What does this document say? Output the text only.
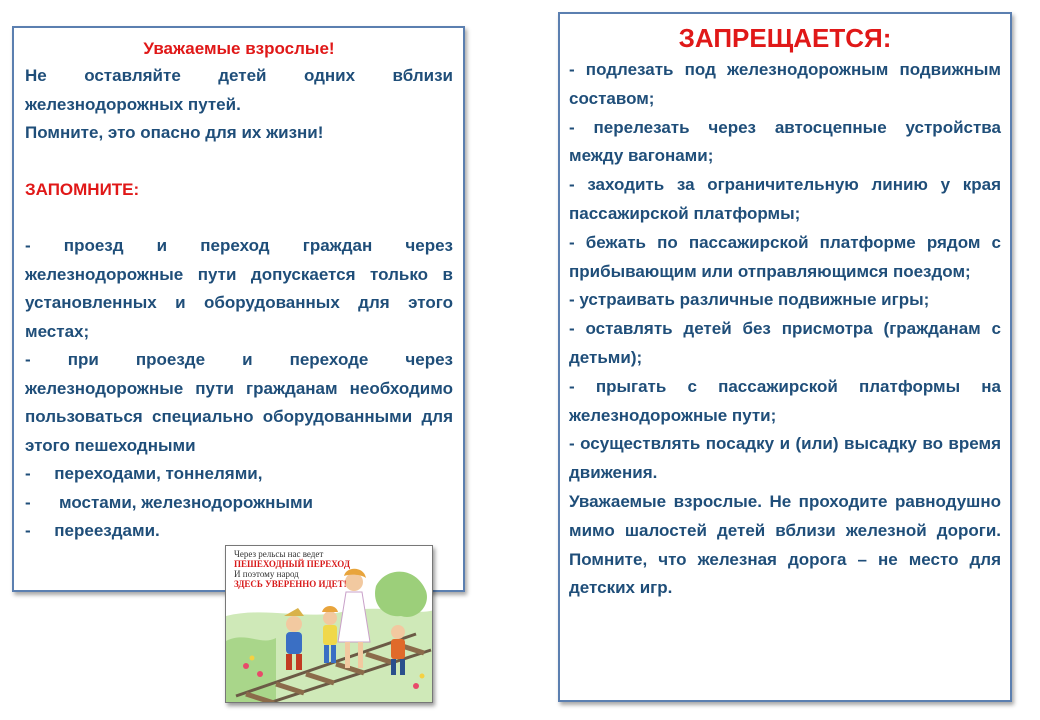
Уважаемые взрослые!

Не оставляйте детей одних вблизи железнодорожных путей.

Помните, это опасно для их жизни!

ЗАПОМНИТЕ:

- проезд и переход граждан через железнодорожные пути допускается только в установленных и оборудованных для этого местах;

- при проезде и переходе через железнодорожные пути гражданам необходимо пользоваться специально оборудованными для этого пешеходными

-     переходами, тоннелями,

-      мостами, железнодорожными

-     переездами.

ЗАПРЕЩАЕТСЯ:

- подлезать под железнодорожным подвижным составом;

- перелезать через автосцепные устройства между вагонами;

- заходить за ограничительную линию у края пассажирской платформы;

- бежать по пассажирской платформе рядом с прибывающим или отправляющимся поездом;

- устраивать различные подвижные игры;

- оставлять детей без присмотра (гражданам с детьми);

- прыгать с пассажирской платформы на железнодорожные пути;

- осуществлять посадку и (или) высадку во время движения.

Уважаемые взрослые. Не проходите равнодушно мимо шалостей детей вблизи железной дороги. Помните, что железная дорога – не место для детских игр.

Через рельсы нас ведет
ПЕШЕХОДНЫЙ ПЕРЕХОД
И поэтому народ
ЗДЕСЬ УВЕРЕННО ИДЕТ!
